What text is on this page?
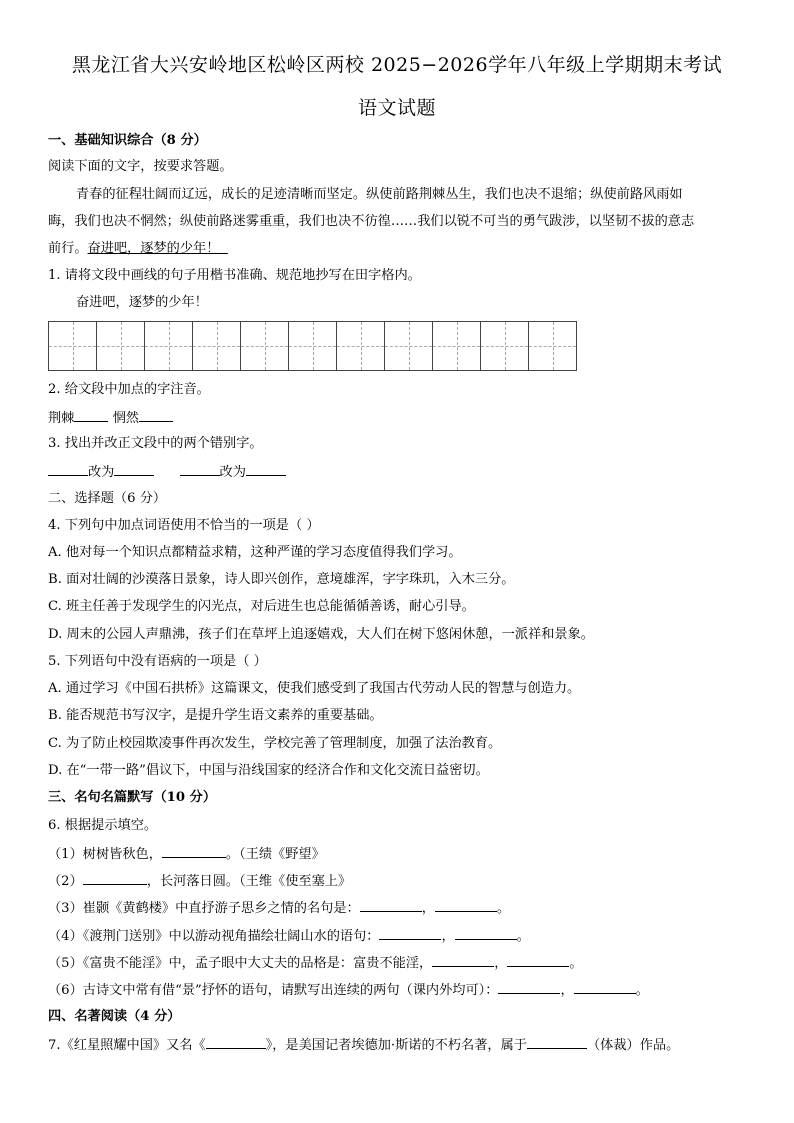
黑龙江省大兴安岭地区松岭区两校 2025−2026学年八年级上学期期末考试
语文试题
一、基础知识综合（8 分）
阅读下面的文字，按要求答题。
青春的征程壮阔而辽远，成长的足迹清晰而坚定。纵使前路荆棘丛生，我们也决不退缩；纵使前路风雨如
晦，我们也决不惘然；纵使前路迷雾重重，我们也决不彷徨……我们以锐不可当的勇气跋涉，以坚韧不拔的意志
前行。奋进吧，逐梦的少年！
1. 请将文段中画线的句子用楷书准确、规范地抄写在田字格内。
奋进吧，逐梦的少年！
2. 给文段中加点的字注音。
荆棘	惘然
3. 找出并改正文段中的两个错别字。
改为	改为
二、选择题（6 分）
4. 下列句中加点词语使用不恰当的一项是（ ）
A. 他对每一个知识点都精益求精，这种严谨的学习态度值得我们学习。
B. 面对壮阔的沙漠落日景象，诗人即兴创作，意境雄浑，字字珠玑，入木三分。
C. 班主任善于发现学生的闪光点，对后进生也总能循循善诱，耐心引导。
D. 周末的公园人声鼎沸，孩子们在草坪上追逐嬉戏，大人们在树下悠闲休憩，一派祥和景象。
5. 下列语句中没有语病的一项是（ ）
A. 通过学习《中国石拱桥》这篇课文，使我们感受到了我国古代劳动人民的智慧与创造力。
B. 能否规范书写汉字，是提升学生语文素养的重要基础。
C. 为了防止校园欺凌事件再次发生，学校完善了管理制度，加强了法治教育。
D. 在“一带一路”倡议下，中国与沿线国家的经济合作和文化交流日益密切。
三、名句名篇默写（10 分）
6. 根据提示填空。
（1）树树皆秋色，	。（王绩《野望》
（2）	，长河落日圆。（王维《使至塞上》
（3）崔颢《黄鹤楼》中直抒游子思乡之情的名句是：	，	。
（4）《渡荆门送别》中以游动视角描绘壮阔山水的语句：	，	。
（5）《富贵不能淫》中，孟子眼中大丈夫的品格是：富贵不能淫，	，	。
（6）古诗文中常有借“景”抒怀的语句，请默写出连续的两句（课内外均可）：	，	。
四、名著阅读（4 分）
7.《红星照耀中国》又名《	》，是美国记者埃德加·斯诺的不朽名著，属于	（体裁）作品。
